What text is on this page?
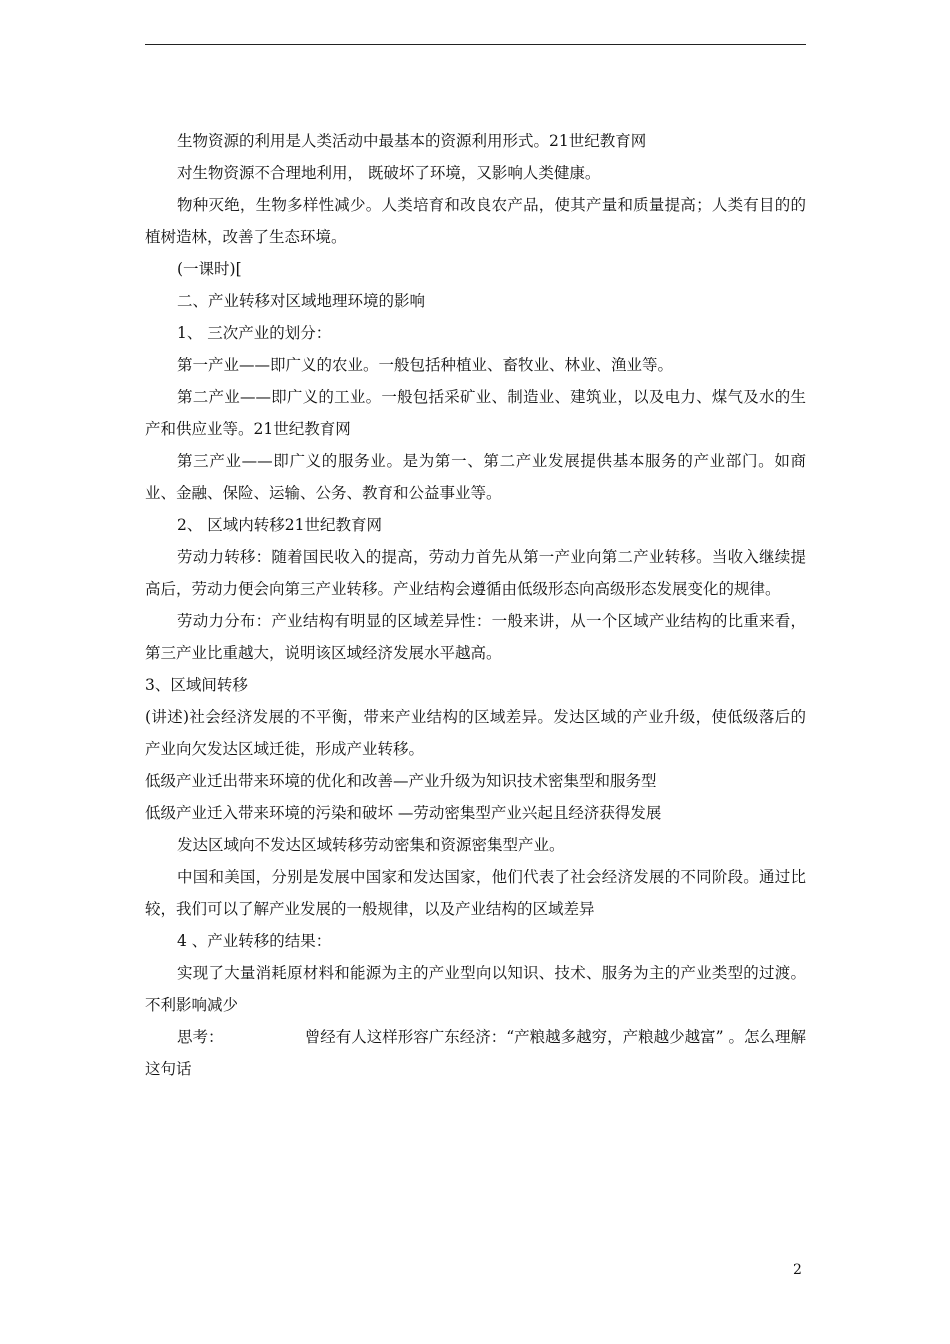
生物资源的利用是人类活动中最基本的资源利用形式。21世纪教育网

对生物资源不合理地利用， 既破坏了环境，又影响人类健康。

物种灭绝，生物多样性减少。人类培育和改良农产品，使其产量和质量提高；人类有目的的植树造林，改善了生态环境。

(一课时)[

二、产业转移对区域地理环境的影响

1、 三次产业的划分：

第一产业——即广义的农业。一般包括种植业、畜牧业、林业、渔业等。

第二产业——即广义的工业。一般包括采矿业、制造业、建筑业，以及电力、煤气及水的生产和供应业等。21世纪教育网

第三产业——即广义的服务业。是为第一、第二产业发展提供基本服务的产业部门。如商业、金融、保险、运输、公务、教育和公益事业等。

2、 区域内转移21世纪教育网

劳动力转移：随着国民收入的提高，劳动力首先从第一产业向第二产业转移。当收入继续提高后，劳动力便会向第三产业转移。产业结构会遵循由低级形态向高级形态发展变化的规律。

劳动力分布：产业结构有明显的区域差异性：一般来讲，从一个区域产业结构的比重来看，第三产业比重越大，说明该区域经济发展水平越高。

3、区域间转移

(讲述)社会经济发展的不平衡，带来产业结构的区域差异。发达区域的产业升级，使低级落后的产业向欠发达区域迁徙，形成产业转移。

低级产业迁出带来环境的优化和改善—产业升级为知识技术密集型和服务型

低级产业迁入带来环境的污染和破坏 —劳动密集型产业兴起且经济获得发展

发达区域向不发达区域转移劳动密集和资源密集型产业。

中国和美国，分别是发展中国家和发达国家，他们代表了社会经济发展的不同阶段。通过比较，我们可以了解产业发展的一般规律，以及产业结构的区域差异

4 、产业转移的结果：

实现了大量消耗原材料和能源为主的产业型向以知识、技术、服务为主的产业类型的过渡。不利影响减少

思考：	曾经有人这样形容广东经济：“产粮越多越穷，产粮越少越富” 。怎么理解
这句话
2
